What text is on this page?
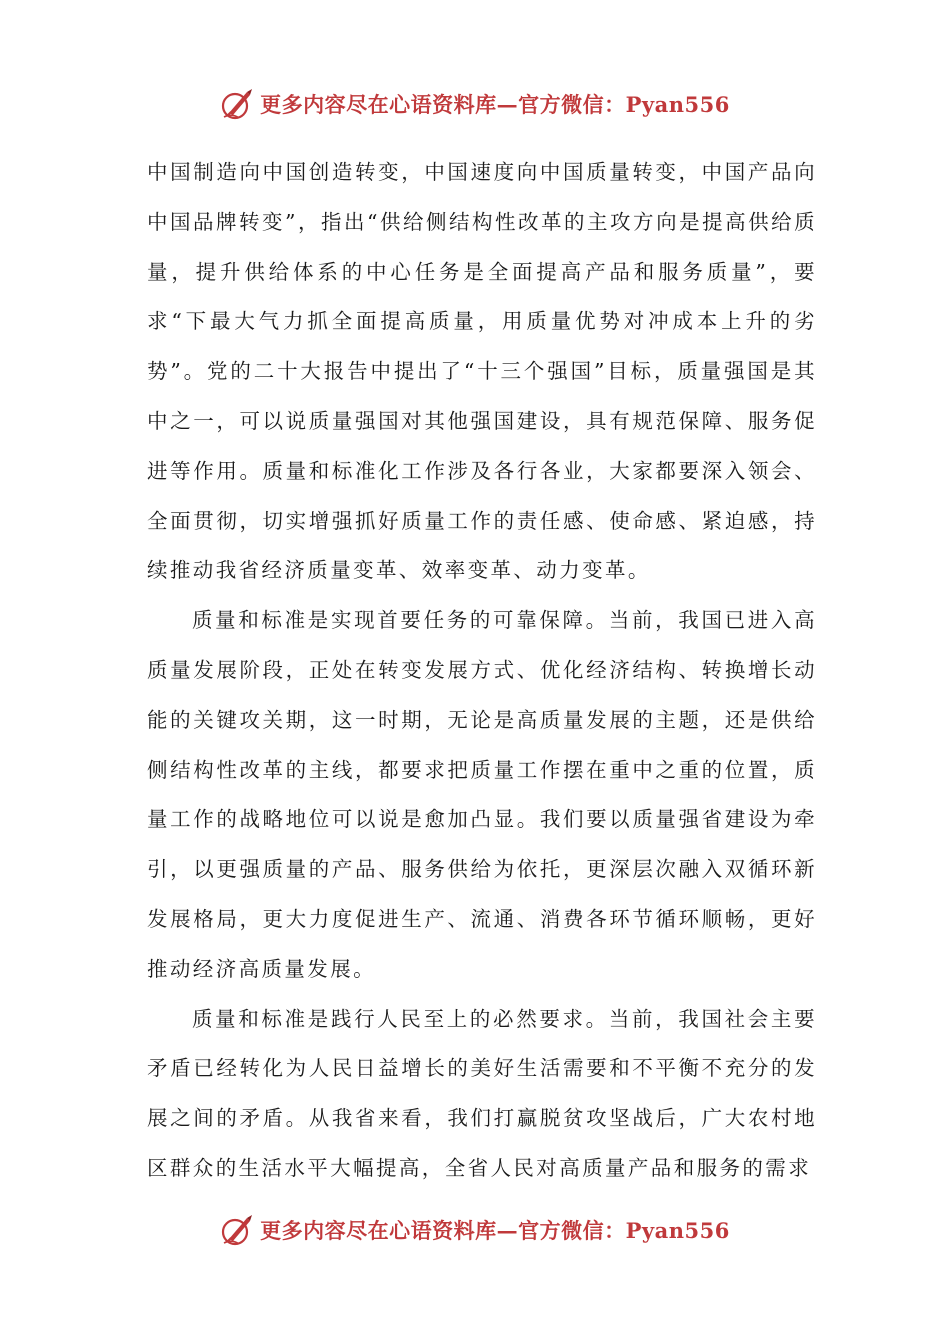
更多内容尽在心语资料库—官方微信：Pyan556

中国制造向中国创造转变，中国速度向中国质量转变，中国产品向中国品牌转变”，指出“供给侧结构性改革的主攻方向是提高供给质量，提升供给体系的中心任务是全面提高产品和服务质量”，要求“下最大气力抓全面提高质量，用质量优势对冲成本上升的劣势”。党的二十大报告中提出了“十三个强国”目标，质量强国是其中之一，可以说质量强国对其他强国建设，具有规范保障、服务促进等作用。质量和标准化工作涉及各行各业，大家都要深入领会、全面贯彻，切实增强抓好质量工作的责任感、使命感、紧迫感，持续推动我省经济质量变革、效率变革、动力变革。

质量和标准是实现首要任务的可靠保障。当前，我国已进入高质量发展阶段，正处在转变发展方式、优化经济结构、转换增长动能的关键攻关期，这一时期，无论是高质量发展的主题，还是供给侧结构性改革的主线，都要求把质量工作摆在重中之重的位置，质量工作的战略地位可以说是愈加凸显。我们要以质量强省建设为牵引，以更强质量的产品、服务供给为依托，更深层次融入双循环新发展格局，更大力度促进生产、流通、消费各环节循环顺畅，更好推动经济高质量发展。

质量和标准是践行人民至上的必然要求。当前，我国社会主要矛盾已经转化为人民日益增长的美好生活需要和不平衡不充分的发展之间的矛盾。从我省来看，我们打赢脱贫攻坚战后，广大农村地区群众的生活水平大幅提高，全省人民对高质量产品和服务的需求

更多内容尽在心语资料库—官方微信：Pyan556
